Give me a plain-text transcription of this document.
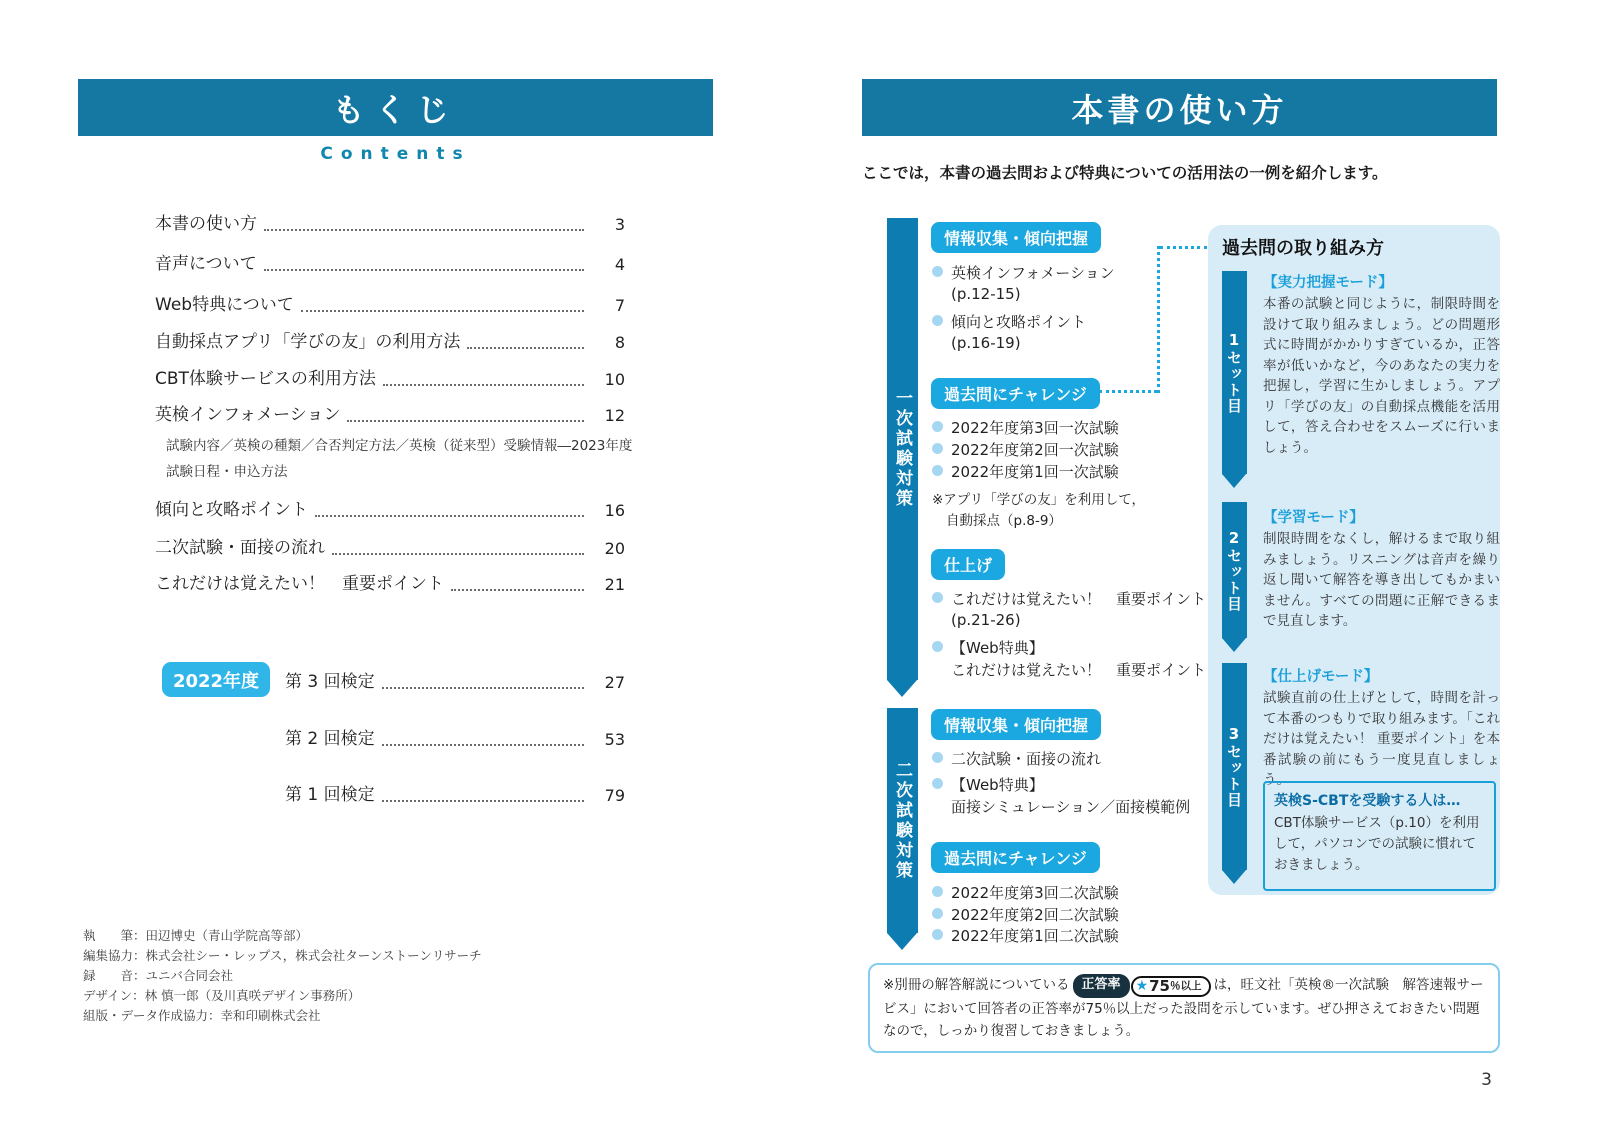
もくじ
Contents
本書の使い方	3
音声について	4
Web特典について	7
自動採点アプリ「学びの友」の利用方法	8
CBT体験サービスの利用方法	10
英検インフォメーション	12
試験内容／英検の種類／合否判定方法／英検（従来型）受験情報―2023年度
試験日程・申込方法
傾向と攻略ポイント	16
二次試験・面接の流れ	20
これだけは覚えたい！　重要ポイント	21
2022年度	第 3 回検定	27
第 2 回検定	53
第 1 回検定	79
執　　筆：田辺博史（青山学院高等部）
編集協力：株式会社シー・レップス，株式会社ターンストーンリサーチ
録　　音：ユニバ合同会社
デザイン：林 慎一郎（及川真咲デザイン事務所）
組版・データ作成協力：幸和印刷株式会社
本書の使い方
ここでは，本書の過去問および特典についての活用法の一例を紹介します。
一次試験対策
情報収集・傾向把握
英検インフォメーション
(p.12-15)
傾向と攻略ポイント
(p.16-19)
過去問にチャレンジ
2022年度第3回一次試験
2022年度第2回一次試験
2022年度第1回一次試験
※アプリ「学びの友」を利用して，
自動採点（p.8-9）
仕上げ
これだけは覚えたい！　重要ポイント
(p.21-26)
【Web特典】
これだけは覚えたい！　重要ポイント
二次試験対策
情報収集・傾向把握
二次試験・面接の流れ
【Web特典】
面接シミュレーション／面接模範例
過去問にチャレンジ
2022年度第3回二次試験
2022年度第2回二次試験
2022年度第1回二次試験
過去問の取り組み方
1セット目
【実力把握モード】
本番の試験と同じように，制限時間を設けて取り組みましょう。どの問題形式に時間がかかりすぎているか，正答率が低いかなど，今のあなたの実力を把握し，学習に生かしましょう。アプリ「学びの友」の自動採点機能を活用して，答え合わせをスムーズに行いましょう。
2セット目
【学習モード】
制限時間をなくし，解けるまで取り組みましょう。リスニングは音声を繰り返し聞いて解答を導き出してもかまいません。すべての問題に正解できるまで見直します。
3セット目
【仕上げモード】
試験直前の仕上げとして，時間を計って本番のつもりで取り組みます。「これだけは覚えたい！ 重要ポイント」を本番試験の前にもう一度見直しましょう。
英検S-CBTを受験する人は…
CBT体験サービス（p.10）を利用して，パソコンでの試験に慣れておきましょう。
※別冊の解答解説についている 正答率 ★ 75 ％以上 は，旺文社「英検®一次試験　解答速報サービス」において回答者の正答率が75％以上だった設問を示しています。ぜひ押さえておきたい問題なので，しっかり復習しておきましょう。
3
